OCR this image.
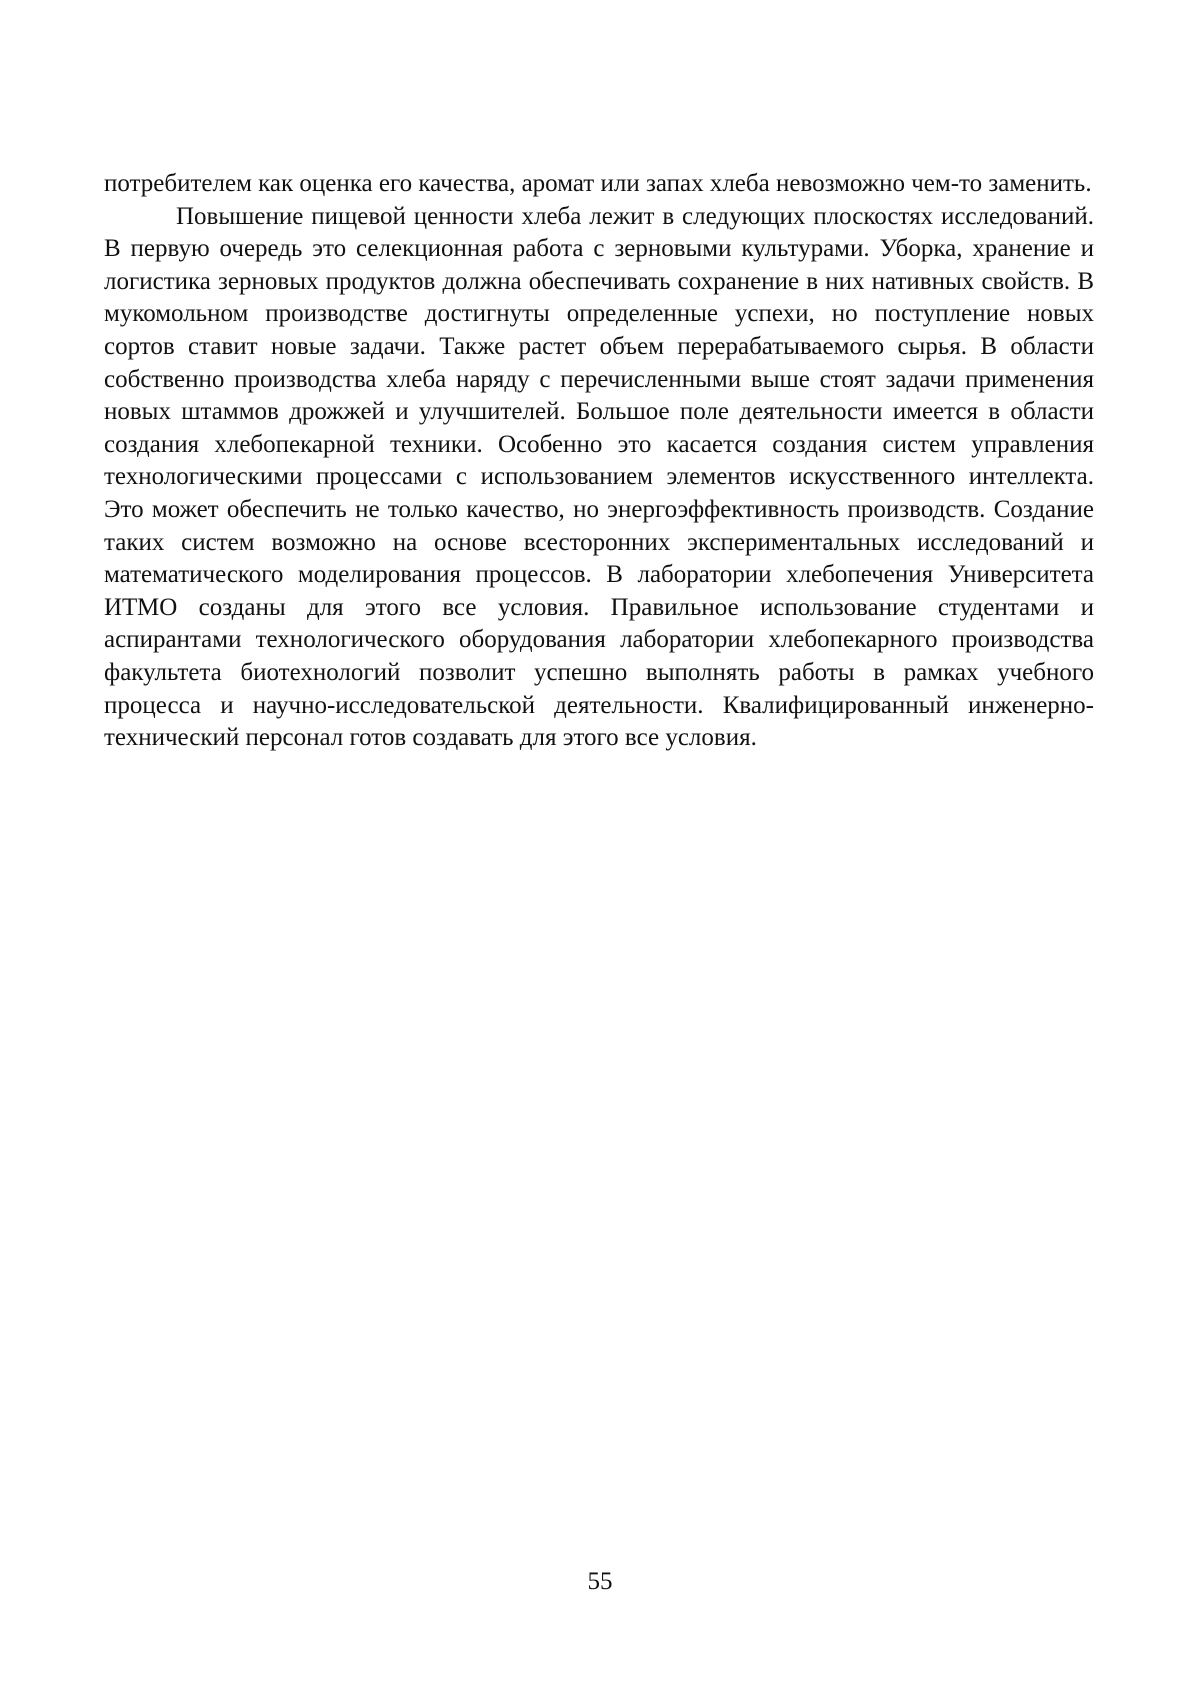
потребителем как оценка его качества, аромат или запах хлеба невозможно чем-то заменить.

Повышение пищевой ценности хлеба лежит в следующих плоскостях исследований. В первую очередь это селекционная работа с зерновыми культурами. Уборка, хранение и логистика зерновых продуктов должна обеспечивать сохранение в них нативных свойств. В мукомольном производстве достигнуты определенные успехи, но поступление новых сортов ставит новые задачи. Также растет объем перерабатываемого сырья. В области собственно производства хлеба наряду с перечисленными выше стоят задачи применения новых штаммов дрожжей и улучшителей. Большое поле деятельности имеется в области создания хлебопекарной техники. Особенно это касается создания систем управления технологическими процессами с использованием элементов искусственного интеллекта. Это может обеспечить не только качество, но энергоэффективность производств. Создание таких систем возможно на основе всесторонних экспериментальных исследований и математического моделирования процессов. В лаборатории хлебопечения Университета ИТМО созданы для этого все условия. Правильное использование студентами и аспирантами технологического оборудования лаборатории хлебопекарного производства факультета биотехнологий позволит успешно выполнять работы в рамках учебного процесса и научно-исследовательской деятельности. Квалифицированный инженерно- технический персонал готов создавать для этого все условия.

55
